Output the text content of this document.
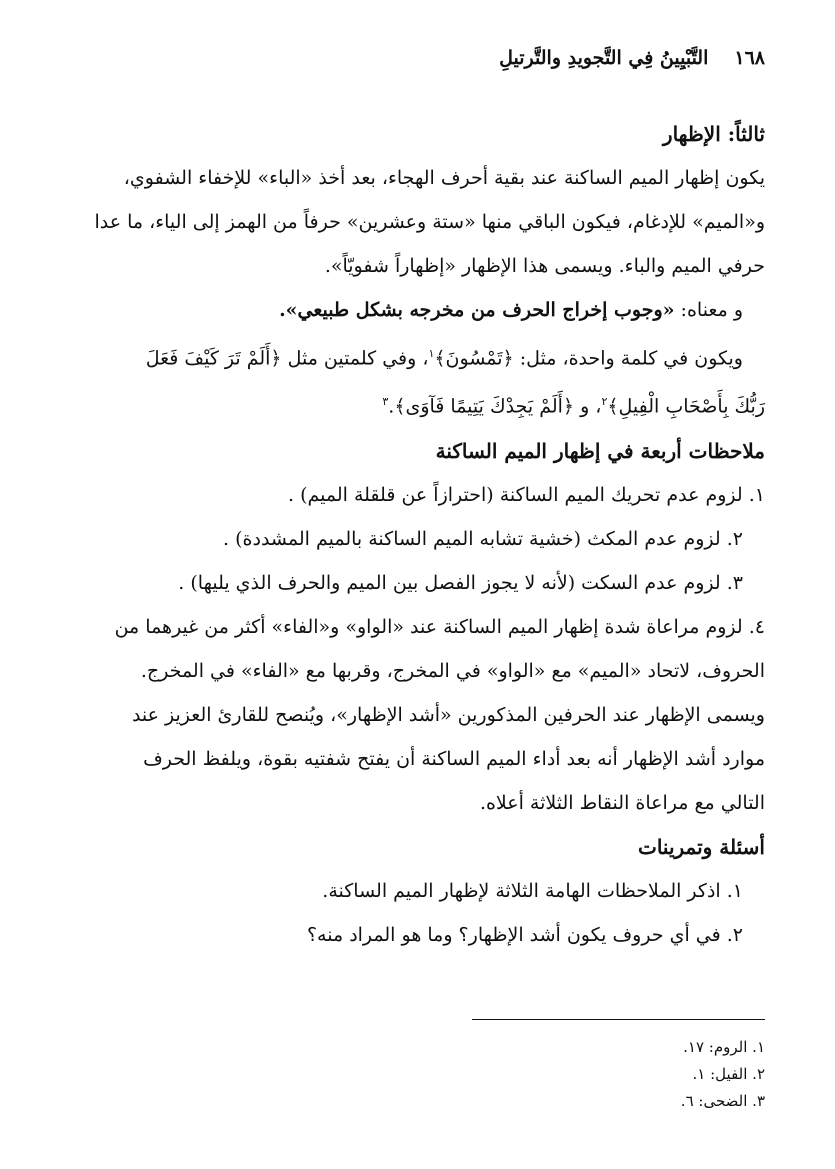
١٦٨
التَّبْيِينُ فِي التَّجويدِ والتَّرتيلِ
ثالثاً: الإظهار
يكون إظهار الميم الساكنة عند بقية أحرف الهجاء، بعد أخذ «الباء» للإخفاء الشفوي،
و«الميم» للإدغام، فيكون الباقي منها «ستة وعشرين» حرفاً من الهمز إلى الياء، ما عدا
حرفي الميم والباء. ويسمى هذا الإظهار «إظهاراً شفويّاً».
و معناه: «وجوب إخراج الحرف من مخرجه بشكل طبيعي».
ويكون في كلمة واحدة، مثل: ﴿تَمْسُونَ﴾$^١$، وفي كلمتين مثل ﴿أَلَمْ تَرَ كَيْفَ فَعَلَ
رَبُّكَ بِأَصْحَابِ الْفِيلِ﴾$^٢$، و ﴿أَلَمْ يَجِدْكَ يَتِيمًا فَآوَى﴾.$^٣$
ملاحظات أربعة في إظهار الميم الساكنة
١. لزوم عدم تحريك الميم الساكنة (احترازاً عن قلقلة الميم) .
٢. لزوم عدم المكث (خشية تشابه الميم الساكنة بالميم المشددة) .
٣. لزوم عدم السكت (لأنه لا يجوز الفصل بين الميم والحرف الذي يليها) .
٤. لزوم مراعاة شدة إظهار الميم الساكنة عند «الواو» و«الفاء» أكثر من غيرهما من
الحروف، لاتحاد «الميم» مع «الواو» في المخرج، وقربها مع «الفاء» في المخرج.
ويسمى الإظهار عند الحرفين المذكورين «أشد الإظهار»، ويُنصح للقارئ العزيز عند
موارد أشد الإظهار أنه بعد أداء الميم الساكنة أن يفتح شفتيه بقوة، ويلفظ الحرف
التالي مع مراعاة النقاط الثلاثة أعلاه.
أسئلة وتمرينات
١. اذكر الملاحظات الهامة الثلاثة لإظهار الميم الساكنة.
٢. في أي حروف يكون أشد الإظهار؟ وما هو المراد منه؟
١. الروم: ١٧.
٢. الفيل: ١.
٣. الضحى: ٦.
